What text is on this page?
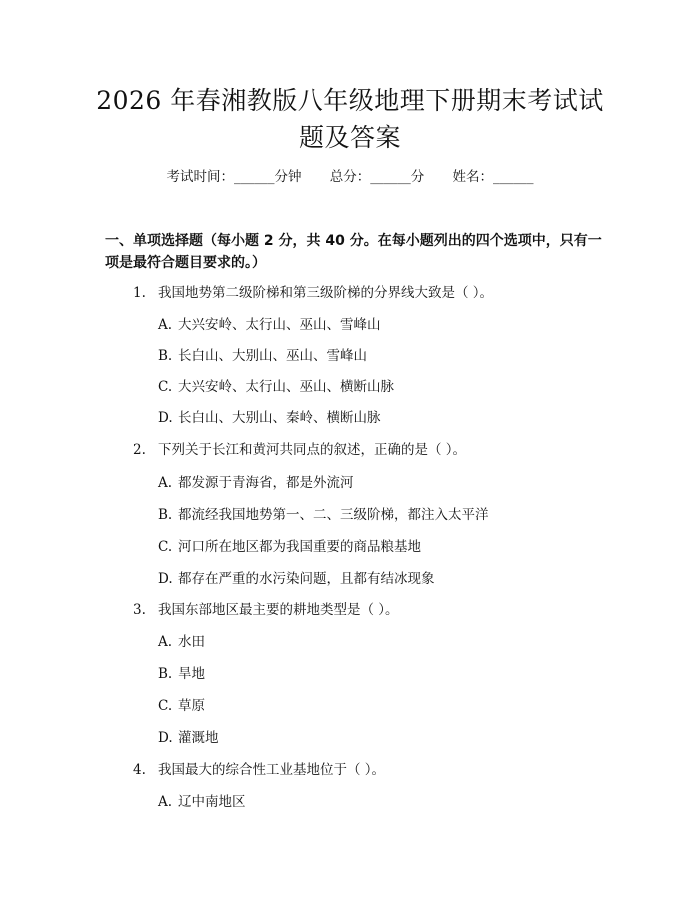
2026 年春湘教版八年级地理下册期末考试试
题及答案
考试时间：______分钟 总分：______分 姓名：______
一、单项选择题（每小题 2 分，共 40 分。在每小题列出的四个选项中，只有一项是最符合题目要求的。）
1. 我国地势第二级阶梯和第三级阶梯的分界线大致是（ ）。
A. 大兴安岭、太行山、巫山、雪峰山
B. 长白山、大别山、巫山、雪峰山
C. 大兴安岭、太行山、巫山、横断山脉
D. 长白山、大别山、秦岭、横断山脉
2. 下列关于长江和黄河共同点的叙述，正确的是（ ）。
A. 都发源于青海省，都是外流河
B. 都流经我国地势第一、二、三级阶梯，都注入太平洋
C. 河口所在地区都为我国重要的商品粮基地
D. 都存在严重的水污染问题，且都有结冰现象
3. 我国东部地区最主要的耕地类型是（ ）。
A. 水田
B. 旱地
C. 草原
D. 灌溉地
4. 我国最大的综合性工业基地位于（ ）。
A. 辽中南地区
